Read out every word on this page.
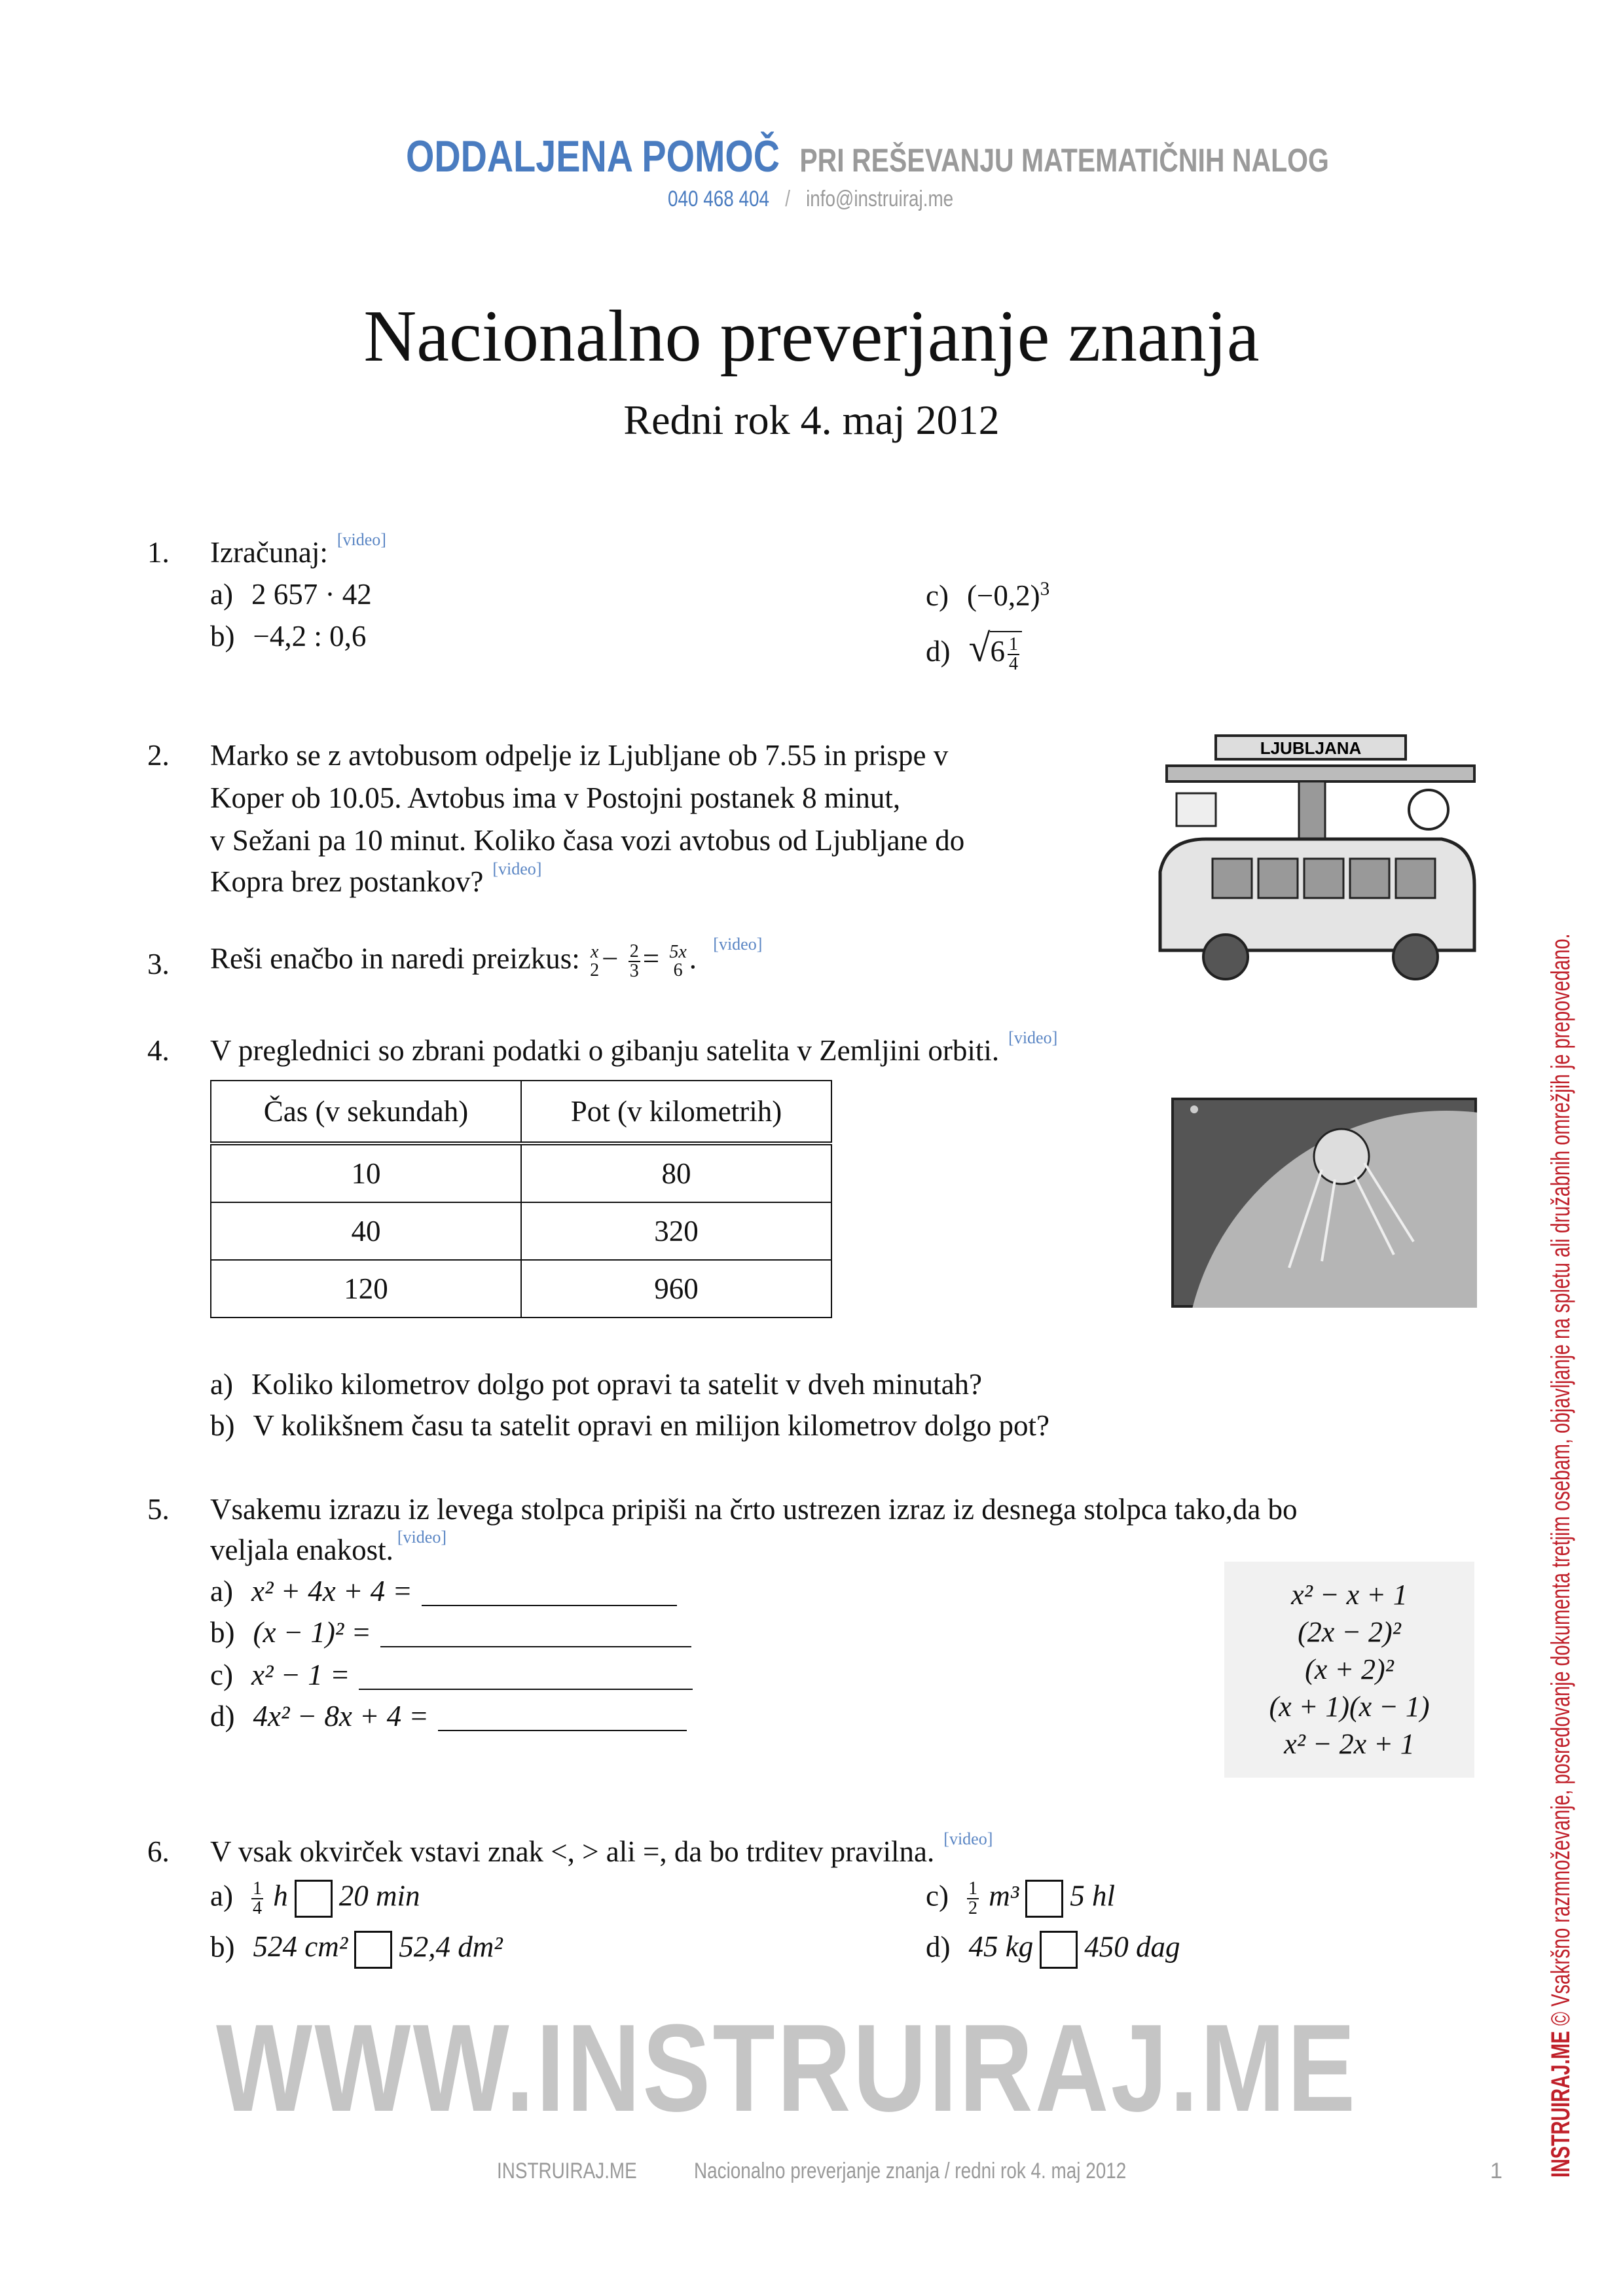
WWW.INSTRUIRAJ.ME
ODDALJENA POMOČ PRI REŠEVANJU MATEMATIČNIH NALOG
040 468 404 / info@instruiraj.me
Nacionalno preverjanje znanja
Redni rok 4. maj 2012
1. Izračunaj: [video]
a) 2 657 · 42
b) −4,2 : 0,6
c) $(-0,2)^3$
d) $√6 \frac{1}{4}$
2. Marko se z avtobusom odpelje iz Ljubljane ob 7.55 in prispe v
Koper ob 10.05. Avtobus ima v Postojni postanek 8 minut,
v Sežani pa 10 minut. Koliko časa vozi avtobus od Ljubljane do
Kopra brez postankov? [video]
LJUBLJANA
3. Reši enačbo in naredi preizkus: x
$2 - \frac{2}{3} = 5x$
6 . [video]
4. V preglednici so zbrani podatki o gibanju satelita v Zemljini orbiti. [video]
Čas (v sekundah)	Pot (v kilometrih)
10	80
40	320
120	960
a) Koliko kilometrov dolgo pot opravi ta satelit v dveh minutah?
b) V kolikšnem času ta satelit opravi en milijon kilometrov dolgo pot?
5. Vsakemu izrazu iz levega stolpca pripiši na črto ustrezen izraz iz desnega stolpca tako,da bo
veljala enakost. [video]
a) x² + 4x + 4 =
b) (x − 1)² =
c) x² − 1 =
d) 4x² − 8x + 4 =
x² − x + 1
(2x − 2)²
(x + 2)²
(x + 1)(x − 1)
x² − 2x + 1
6. V vsak okvirček vstavi znak <, > ali =, da bo trditev pravilna. [video]
$a) \frac{1}{4}$ h 20 min
b) 524 cm² 52,4 dm²
$c) \frac{1}{2} m^3$ 5 hl
d) 45 kg 450 dag
INSTRUIRAJ.ME © Vsakršno razmnoževanje, posredovanje dokumenta tretjim osebam, objavljanje na spletu ali družabnih omrežjih je prepovedano.
INSTRUIRAJ.ME	Nacionalno preverjanje znanja / redni rok 4. maj 2012	1
